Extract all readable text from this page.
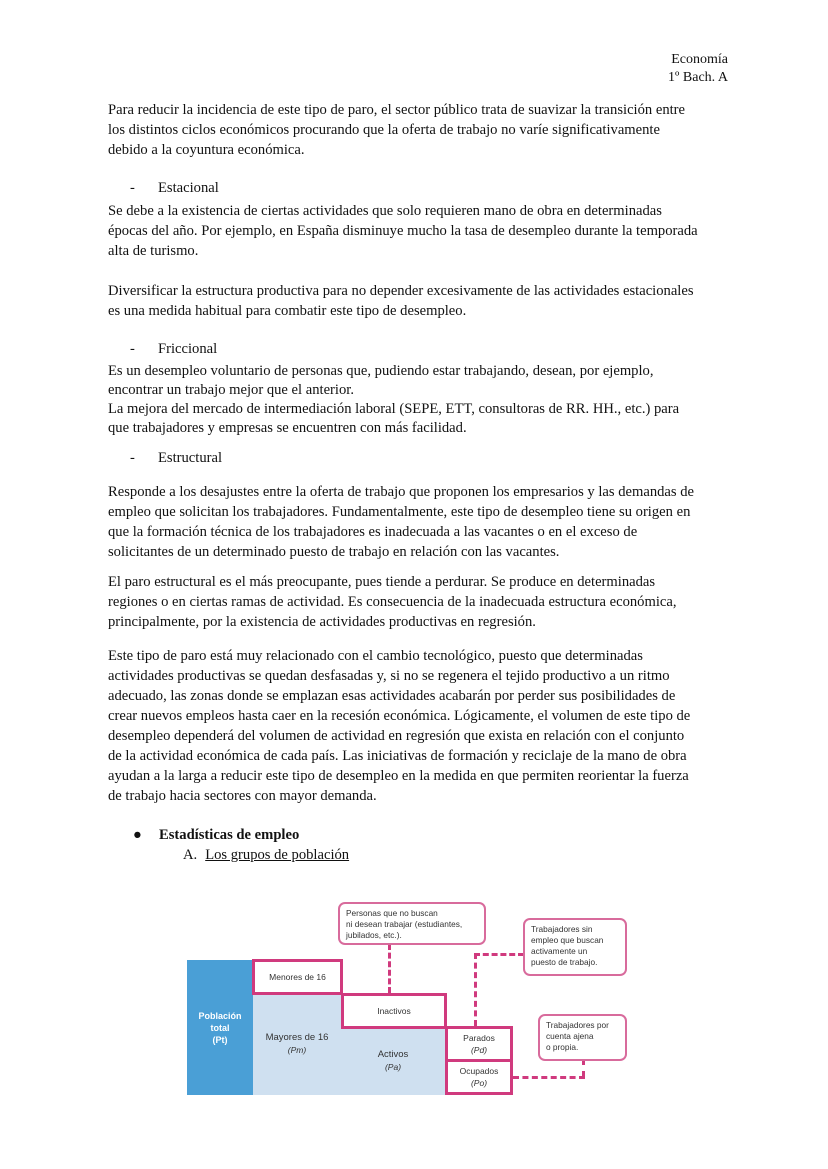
Economía
1º Bach. A
Para reducir la incidencia de este tipo de paro, el sector público trata de suavizar la transición entre
los distintos ciclos económicos procurando que la oferta de trabajo no varíe significativamente
debido a la coyuntura económica.
- Estacional
Se debe a la existencia de ciertas actividades que solo requieren mano de obra en determinadas
épocas del año. Por ejemplo, en España disminuye mucho la tasa de desempleo durante la temporada
alta de turismo.
Diversificar la estructura productiva para no depender excesivamente de las actividades estacionales
es una medida habitual para combatir este tipo de desempleo.
- Friccional
Es un desempleo voluntario de personas que, pudiendo estar trabajando, desean, por ejemplo,
encontrar un trabajo mejor que el anterior.
La mejora del mercado de intermediación laboral (SEPE, ETT, consultoras de RR. HH., etc.) para
que trabajadores y empresas se encuentren con más facilidad.
- Estructural
Responde a los desajustes entre la oferta de trabajo que proponen los empresarios y las demandas de
empleo que solicitan los trabajadores. Fundamentalmente, este tipo de desempleo tiene su origen en
que la formación técnica de los trabajadores es inadecuada a las vacantes o en el exceso de
solicitantes de un determinado puesto de trabajo en relación con las vacantes.
El paro estructural es el más preocupante, pues tiende a perdurar. Se produce en determinadas
regiones o en ciertas ramas de actividad. Es consecuencia de la inadecuada estructura económica,
principalmente, por la existencia de actividades productivas en regresión.
Este tipo de paro está muy relacionado con el cambio tecnológico, puesto que determinadas
actividades productivas se quedan desfasadas y, si no se regenera el tejido productivo a un ritmo
adecuado, las zonas donde se emplazan esas actividades acabarán por perder sus posibilidades de
crear nuevos empleos hasta caer en la recesión económica. Lógicamente, el volumen de este tipo de
desempleo dependerá del volumen de actividad en regresión que exista en relación con el conjunto
de la actividad económica de cada país. Las iniciativas de formación y reciclaje de la mano de obra
ayudan a la larga a reducir este tipo de desempleo en la medida en que permiten reorientar la fuerza
de trabajo hacia sectores con mayor demanda.
● Estadísticas de empleo
A. Los grupos de población
Población
total
(Pt)	Mayores de 16
(Pm)	Activos
(Pa)
Menores de 16
Inactivos
Parados
(Pd)
Ocupados
(Po)
Personas que no buscan
ni desean trabajar (estudiantes,
jubilados, etc.).
Trabajadores sin
empleo que buscan
activamente un
puesto de trabajo.
Trabajadores por
cuenta ajena
o propia.
